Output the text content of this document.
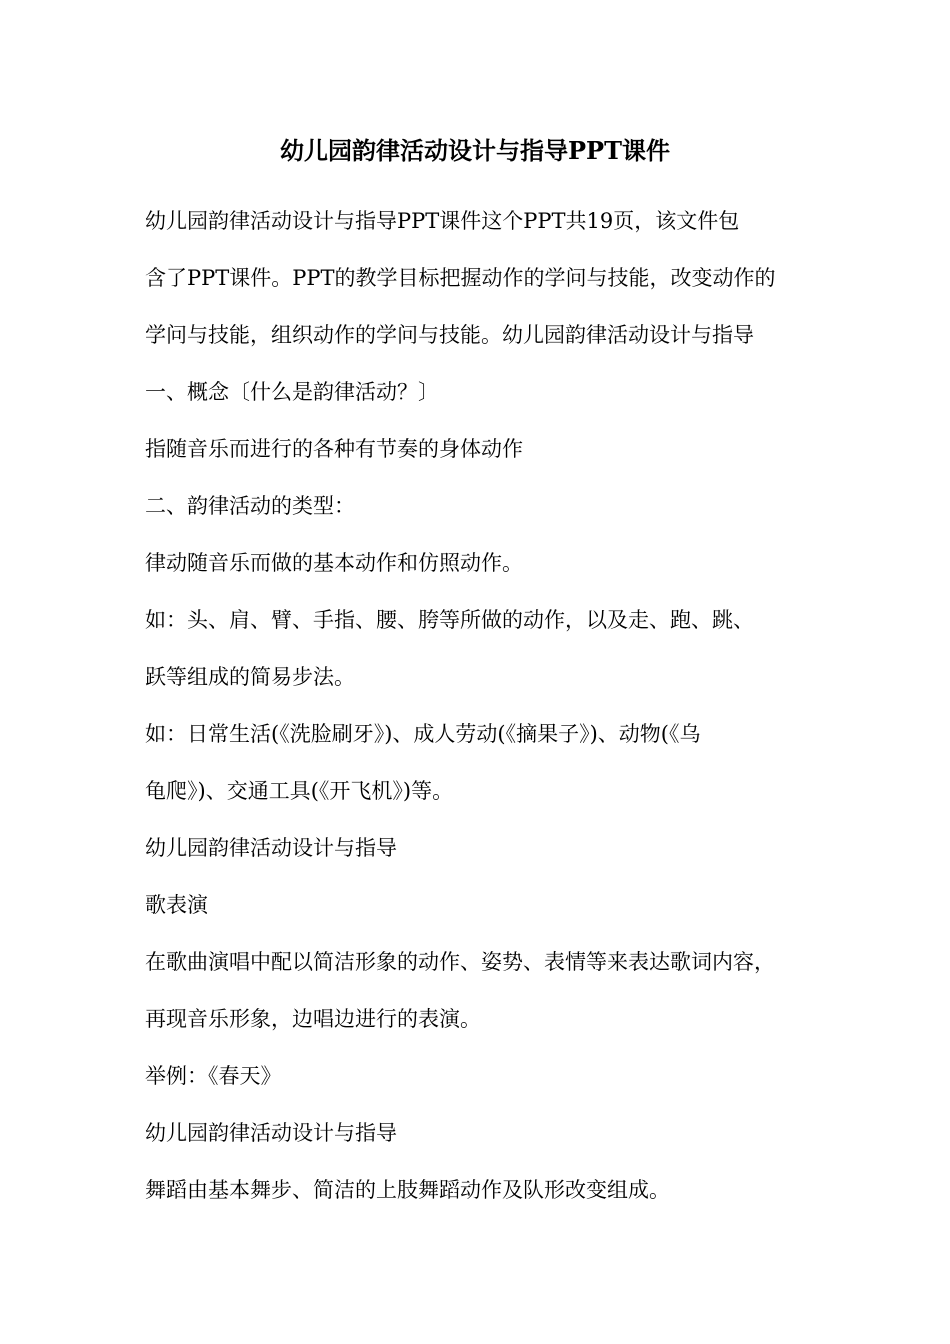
幼儿园韵律活动设计与指导PPT课件

幼儿园韵律活动设计与指导PPT课件这个PPT共19页，该文件包

含了PPT课件。PPT的教学目标把握动作的学问与技能，改变动作的

学问与技能，组织动作的学问与技能。幼儿园韵律活动设计与指导

一、概念〔什么是韵律活动？〕

指随音乐而进行的各种有节奏的身体动作

二、韵律活动的类型：

律动随音乐而做的基本动作和仿照动作。

如：头、肩、臂、手指、腰、胯等所做的动作，以及走、跑、跳、

跃等组成的简易步法。

如：日常生活(《洗脸刷牙》)、成人劳动(《摘果子》)、动物(《乌

龟爬》)、交通工具(《开飞机》)等。

幼儿园韵律活动设计与指导

歌表演

在歌曲演唱中配以简洁形象的动作、姿势、表情等来表达歌词内容，

再现音乐形象，边唱边进行的表演。

举例：《春天》

幼儿园韵律活动设计与指导

舞蹈由基本舞步、简洁的上肢舞蹈动作及队形改变组成。
